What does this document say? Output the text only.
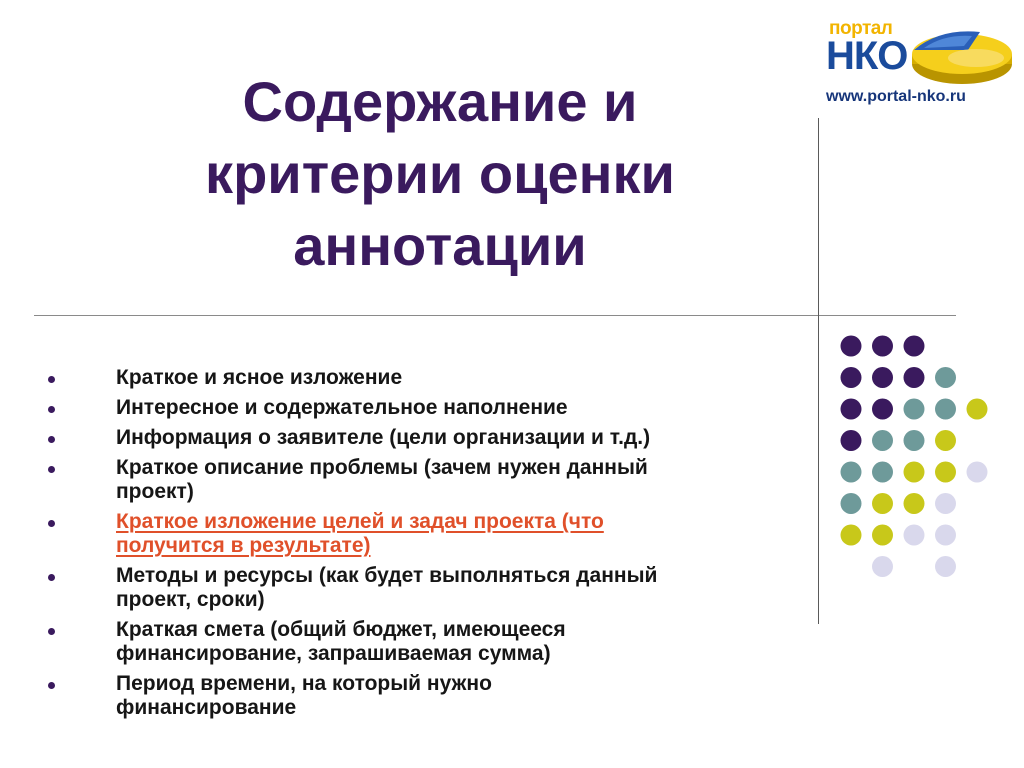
Содержание и
критерии оценки
аннотации
портал
НКО
www.portal-nko.ru
Краткое и ясное изложение
Интересное и содержательное наполнение
Информация о заявителе (цели организации и т.д.)
Краткое описание проблемы (зачем нужен данный
проект)
Краткое изложение целей и задач проекта (что
получится в результате)
Методы и ресурсы (как будет выполняться данный
проект, сроки)
Краткая смета (общий бюджет, имеющееся
финансирование, запрашиваемая сумма)
Период времени, на который нужно
финансирование
